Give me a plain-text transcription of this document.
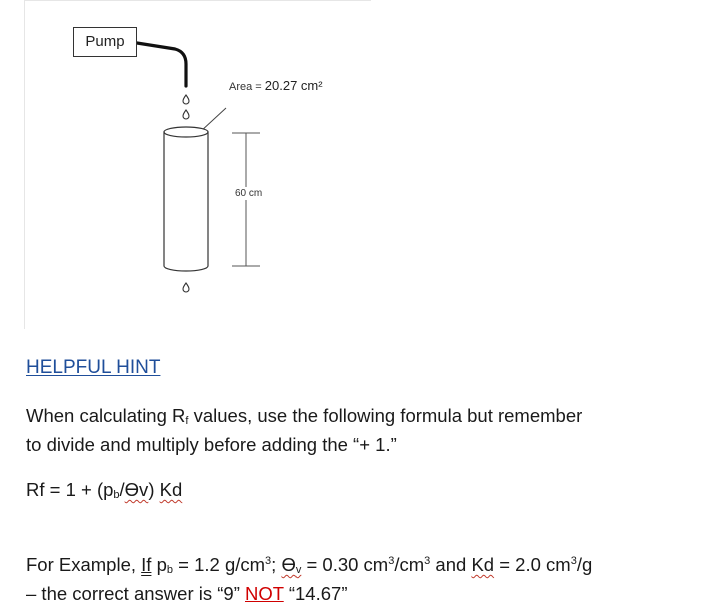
Pump
Area = 20.27 cm²
60 cm
HELPFUL HINT
When calculating $R_f$ values, use the following formula but remember
to divide and multiply before adding the “+ 1.”
$Rf = 1 + (p_b/Ɵv)$ Kd
For Example, If $p_b = 1.2$ $g/cm^3$; $Ɵ_v = 0.30$ $cm^3/cm^3$ and Kd = 2.0 $cm^3/g$
– the correct answer is “9” NOT “14.67”
